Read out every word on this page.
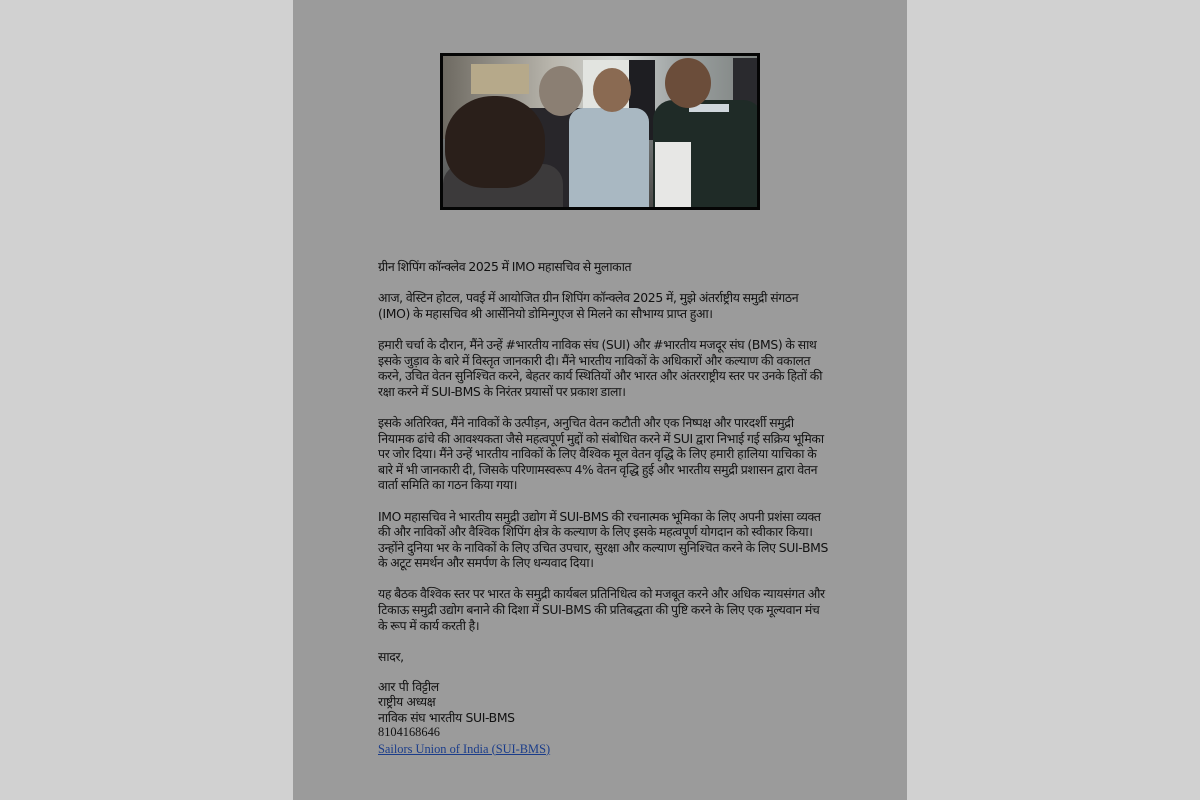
ग्रीन शिपिंग कॉन्क्लेव 2025 में IMO महासचिव से मुलाकात

आज, वेस्टिन होटल, पवई में आयोजित ग्रीन शिपिंग कॉन्क्लेव 2025 में, मुझे अंतर्राष्ट्रीय समुद्री संगठन (IMO) के महासचिव श्री आर्सेनियो डोमिन्गुएज से मिलने का सौभाग्य प्राप्त हुआ।

हमारी चर्चा के दौरान, मैंने उन्हें #भारतीय नाविक संघ (SUI) और #भारतीय मजदूर संघ (BMS) के साथ इसके जुड़ाव के बारे में विस्तृत जानकारी दी। मैंने भारतीय नाविकों के अधिकारों और कल्याण की वकालत करने, उचित वेतन सुनिश्चित करने, बेहतर कार्य स्थितियों और भारत और अंतरराष्ट्रीय स्तर पर उनके हितों की रक्षा करने में SUI-BMS के निरंतर प्रयासों पर प्रकाश डाला।

इसके अतिरिक्त, मैंने नाविकों के उत्पीड़न, अनुचित वेतन कटौती और एक निष्पक्ष और पारदर्शी समुद्री नियामक ढांचे की आवश्यकता जैसे महत्वपूर्ण मुद्दों को संबोधित करने में SUI द्वारा निभाई गई सक्रिय भूमिका पर जोर दिया। मैंने उन्हें भारतीय नाविकों के लिए वैश्विक मूल वेतन वृद्धि के लिए हमारी हालिया याचिका के बारे में भी जानकारी दी, जिसके परिणामस्वरूप 4% वेतन वृद्धि हुई और भारतीय समुद्री प्रशासन द्वारा वेतन वार्ता समिति का गठन किया गया।

IMO महासचिव ने भारतीय समुद्री उद्योग में SUI-BMS की रचनात्मक भूमिका के लिए अपनी प्रशंसा व्यक्त की और नाविकों और वैश्विक शिपिंग क्षेत्र के कल्याण के लिए इसके महत्वपूर्ण योगदान को स्वीकार किया। उन्होंने दुनिया भर के नाविकों के लिए उचित उपचार, सुरक्षा और कल्याण सुनिश्चित करने के लिए SUI-BMS के अटूट समर्थन और समर्पण के लिए धन्यवाद दिया।

यह बैठक वैश्विक स्तर पर भारत के समुद्री कार्यबल प्रतिनिधित्व को मजबूत करने और अधिक न्यायसंगत और टिकाऊ समुद्री उद्योग बनाने की दिशा में SUI-BMS की प्रतिबद्धता की पुष्टि करने के लिए एक मूल्यवान मंच के रूप में कार्य करती है।

सादर,

आर पी विट्टील
राष्ट्रीय अध्यक्ष
नाविक संघ भारतीय SUI-BMS
8104168646
Sailors Union of India (SUI-BMS)
